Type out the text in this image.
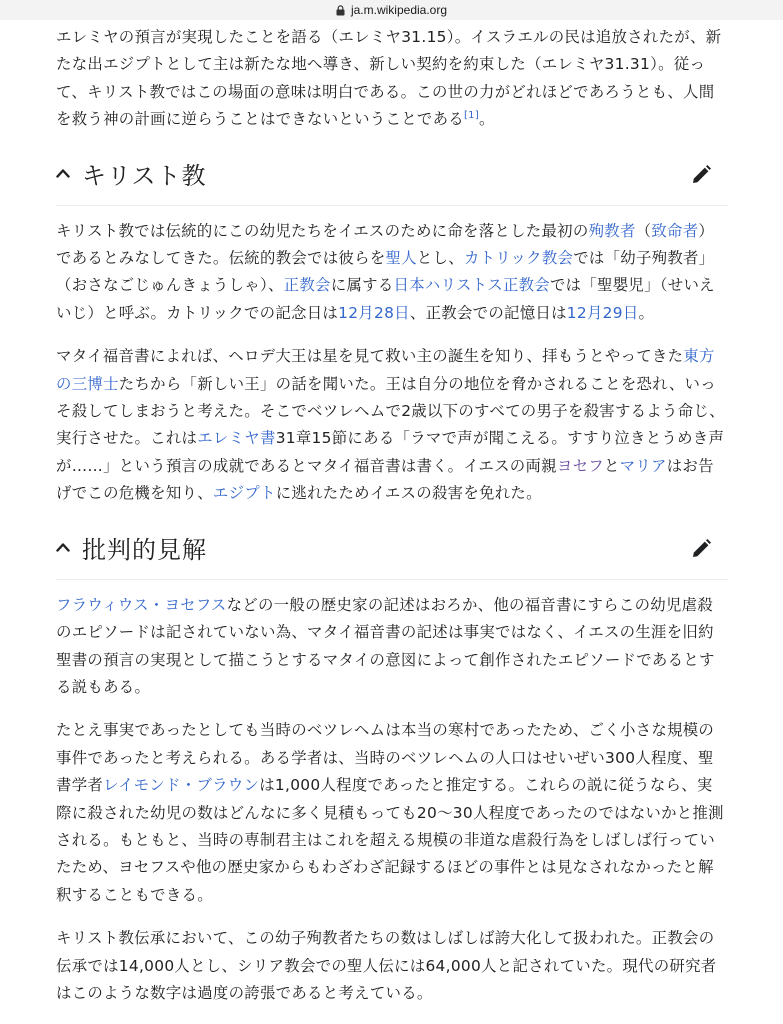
ja.m.wikipedia.org

エレミヤの預言が実現したことを語る（エレミヤ31.15）。イスラエルの民は追放されたが、新たな出エジプトとして主は新たな地へ導き、新しい契約を約束した（エレミヤ31.31）。従って、キリスト教ではこの場面の意味は明白である。この世の力がどれほどであろうとも、人間を救う神の計画に逆らうことはできないということである[1]。

キリスト教

キリスト教では伝統的にこの幼児たちをイエスのために命を落とした最初の殉教者（致命者）であるとみなしてきた。伝統的教会では彼らを聖人とし、カトリック教会では「幼子殉教者」（おさなごじゅんきょうしゃ）、正教会に属する日本ハリストス正教会では「聖嬰児」（せいえいじ）と呼ぶ。カトリックでの記念日は12月28日、正教会での記憶日は12月29日。

マタイ福音書によれば、ヘロデ大王は星を見て救い主の誕生を知り、拝もうとやってきた東方の三博士たちから「新しい王」の話を聞いた。王は自分の地位を脅かされることを恐れ、いっそ殺してしまおうと考えた。そこでベツレヘムで2歳以下のすべての男子を殺害するよう命じ、実行させた。これはエレミヤ書31章15節にある「ラマで声が聞こえる。すすり泣きとうめき声が……」という預言の成就であるとマタイ福音書は書く。イエスの両親ヨセフとマリアはお告げでこの危機を知り、エジプトに逃れたためイエスの殺害を免れた。

批判的見解

フラウィウス・ヨセフスなどの一般の歴史家の記述はおろか、他の福音書にすらこの幼児虐殺のエピソードは記されていない為、マタイ福音書の記述は事実ではなく、イエスの生涯を旧約聖書の預言の実現として描こうとするマタイの意図によって創作されたエピソードであるとする説もある。

たとえ事実であったとしても当時のベツレヘムは本当の寒村であったため、ごく小さな規模の事件であったと考えられる。ある学者は、当時のベツレヘムの人口はせいぜい300人程度、聖書学者レイモンド・ブラウンは1,000人程度であったと推定する。これらの説に従うなら、実際に殺された幼児の数はどんなに多く見積もっても20〜30人程度であったのではないかと推測される。もともと、当時の専制君主はこれを超える規模の非道な虐殺行為をしばしば行っていたため、ヨセフスや他の歴史家からもわざわざ記録するほどの事件とは見なされなかったと解釈することもできる。

キリスト教伝承において、この幼子殉教者たちの数はしばしば誇大化して扱われた。正教会の伝承では14,000人とし、シリア教会での聖人伝には64,000人と記されていた。現代の研究者はこのような数字は過度の誇張であると考えている。
